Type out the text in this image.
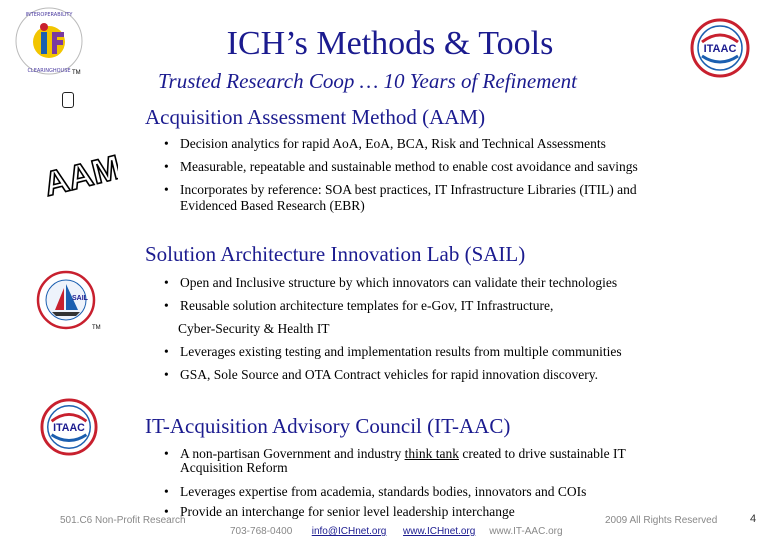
INTEROPERABILITY
CLEARINGHOUSE TM
ICH’s Methods & Tools
Trusted Research Coop … 10 Years of Refinement
ITAAC
Acquisition Assessment Method (AAM)
AAM
• Decision analytics for rapid AoA, EoA, BCA, Risk and Technical Assessments
• Measurable, repeatable and sustainable method to enable cost avoidance and savings
• Incorporates by reference: SOA best practices, IT Infrastructure Libraries (ITIL) and
Evidenced Based Research (EBR)
Solution Architecture Innovation Lab (SAIL)
SAIL
TM
• Open and Inclusive structure by which innovators can validate their technologies
• Reusable solution architecture templates for e-Gov, IT Infrastructure,
Cyber-Security & Health IT
• Leverages existing testing and implementation results from multiple communities
• GSA, Sole Source and OTA Contract vehicles for rapid innovation discovery.
IT-Acquisition Advisory Council (IT-AAC)
ITAAC
• A non-partisan Government and industry think tank created to drive sustainable IT
Acquisition Reform
• Leverages expertise from academia, standards bodies, innovators and COIs
• Provide an interchange for senior level leadership interchange
501.C6 Non-Profit Research	2009 All Rights Reserved	4
703-768-0400 info@ICHnet.org www.ICHnet.org www.IT-AAC.org
